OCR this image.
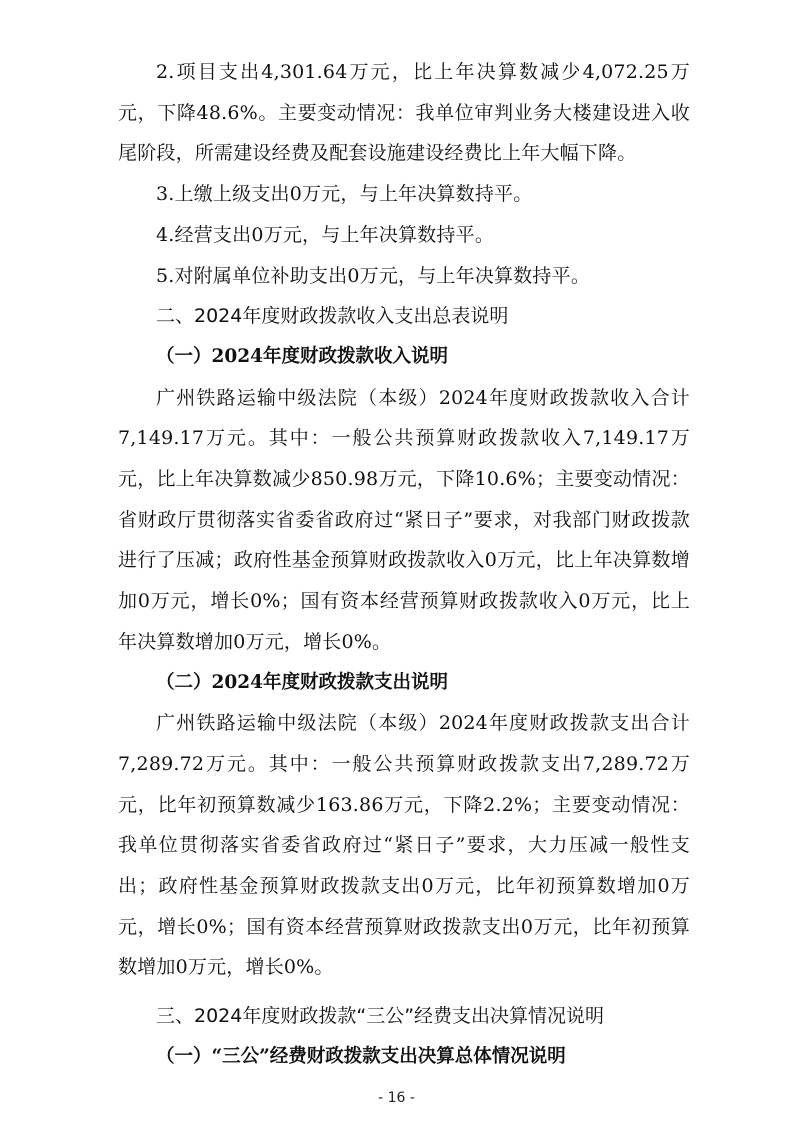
2.项目支出4,301.64万元，比上年决算数减少4,072.25万元，下降48.6%。主要变动情况：我单位审判业务大楼建设进入收尾阶段，所需建设经费及配套设施建设经费比上年大幅下降。

3.上缴上级支出0万元，与上年决算数持平。

4.经营支出0万元，与上年决算数持平。

5.对附属单位补助支出0万元，与上年决算数持平。

二、2024年度财政拨款收入支出总表说明
（一）2024年度财政拨款收入说明

广州铁路运输中级法院（本级）2024年度财政拨款收入合计7,149.17万元。其中：一般公共预算财政拨款收入7,149.17万元，比上年决算数减少850.98万元，下降10.6%；主要变动情况：省财政厅贯彻落实省委省政府过“紧日子”要求，对我部门财政拨款进行了压减；政府性基金预算财政拨款收入0万元，比上年决算数增加0万元，增长0%；国有资本经营预算财政拨款收入0万元，比上年决算数增加0万元，增长0%。

（二）2024年度财政拨款支出说明

广州铁路运输中级法院（本级）2024年度财政拨款支出合计7,289.72万元。其中：一般公共预算财政拨款支出7,289.72万元，比年初预算数减少163.86万元，下降2.2%；主要变动情况：我单位贯彻落实省委省政府过“紧日子”要求，大力压减一般性支出；政府性基金预算财政拨款支出0万元，比年初预算数增加0万元，增长0%；国有资本经营预算财政拨款支出0万元，比年初预算数增加0万元，增长0%。

三、2024年度财政拨款“三公”经费支出决算情况说明
（一）“三公”经费财政拨款支出决算总体情况说明
- 16 -
